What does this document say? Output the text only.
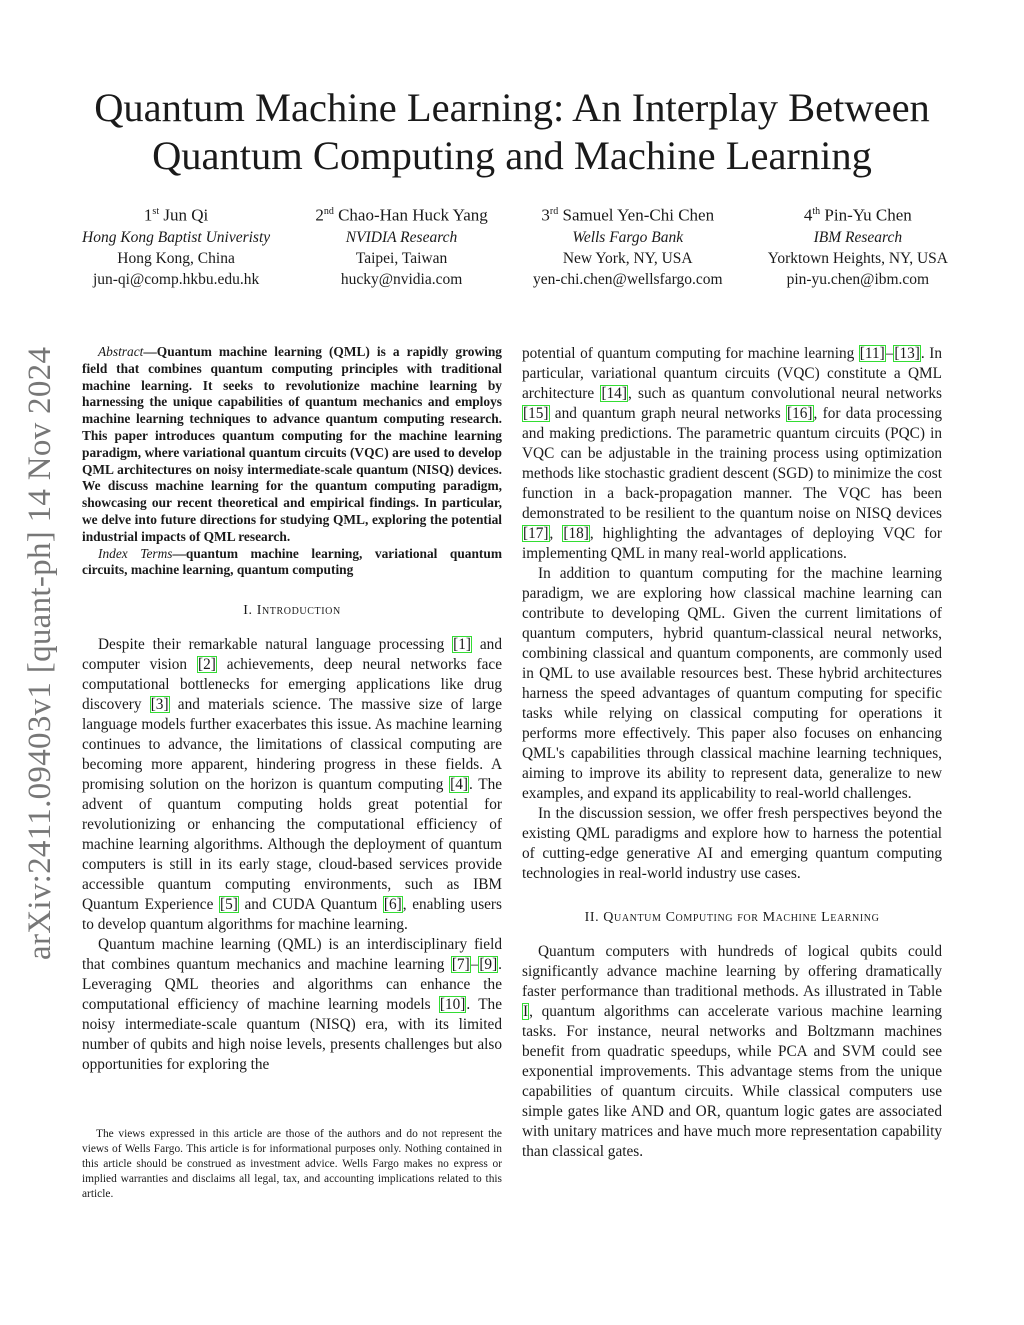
arXiv:2411.09403v1 [quant-ph] 14 Nov 2024
Quantum Machine Learning: An Interplay Between
Quantum Computing and Machine Learning
1st Jun Qi
Hong Kong Baptist Univeristy
Hong Kong, China
jun-qi@comp.hkbu.edu.hk
2nd Chao-Han Huck Yang
NVIDIA Research
Taipei, Taiwan
hucky@nvidia.com
3rd Samuel Yen-Chi Chen
Wells Fargo Bank
New York, NY, USA
yen-chi.chen@wellsfargo.com
4th Pin-Yu Chen
IBM Research
Yorktown Heights, NY, USA
pin-yu.chen@ibm.com

Abstract—Quantum machine learning (QML) is a rapidly growing field that combines quantum computing principles with traditional machine learning. It seeks to revolutionize machine learning by harnessing the unique capabilities of quantum mechanics and employs machine learning techniques to advance quantum computing research. This paper introduces quantum computing for the machine learning paradigm, where variational quantum circuits (VQC) are used to develop QML architectures on noisy intermediate-scale quantum (NISQ) devices. We discuss machine learning for the quantum computing paradigm, showcasing our recent theoretical and empirical findings. In particular, we delve into future directions for studying QML, exploring the potential industrial impacts of QML research.

Index Terms—quantum machine learning, variational quantum circuits, machine learning, quantum computing

I. Introduction

Despite their remarkable natural language processing [1] and computer vision [2] achievements, deep neural networks face computational bottlenecks for emerging applications like drug discovery [3] and materials science. The massive size of large language models further exacerbates this issue. As machine learning continues to advance, the limitations of classical computing are becoming more apparent, hindering progress in these fields. A promising solution on the horizon is quantum computing [4]. The advent of quantum computing holds great potential for revolutionizing or enhancing the computational efficiency of machine learning algorithms. Although the deployment of quantum computers is still in its early stage, cloud-based services provide accessible quantum computing environments, such as IBM Quantum Experience [5] and CUDA Quantum [6], enabling users to develop quantum algorithms for machine learning.

Quantum machine learning (QML) is an interdisciplinary field that combines quantum mechanics and machine learning [7]–[9]. Leveraging QML theories and algorithms can enhance the computational efficiency of machine learning models [10]. The noisy intermediate-scale quantum (NISQ) era, with its limited number of qubits and high noise levels, presents challenges but also opportunities for exploring the

The views expressed in this article are those of the authors and do not represent the views of Wells Fargo. This article is for informational purposes only. Nothing contained in this article should be construed as investment advice. Wells Fargo makes no express or implied warranties and disclaims all legal, tax, and accounting implications related to this article.

potential of quantum computing for machine learning [11]–[13]. In particular, variational quantum circuits (VQC) constitute a QML architecture [14], such as quantum convolutional neural networks [15] and quantum graph neural networks [16], for data processing and making predictions. The parametric quantum circuits (PQC) in VQC can be adjustable in the training process using optimization methods like stochastic gradient descent (SGD) to minimize the cost function in a back-propagation manner. The VQC has been demonstrated to be resilient to the quantum noise on NISQ devices [17], [18], highlighting the advantages of deploying VQC for implementing QML in many real-world applications.

In addition to quantum computing for the machine learning paradigm, we are exploring how classical machine learning can contribute to developing QML. Given the current limitations of quantum computers, hybrid quantum-classical neural networks, combining classical and quantum components, are commonly used in QML to use available resources best. These hybrid architectures harness the speed advantages of quantum computing for specific tasks while relying on classical computing for operations it performs more effectively. This paper also focuses on enhancing QML's capabilities through classical machine learning techniques, aiming to improve its ability to represent data, generalize to new examples, and expand its applicability to real-world challenges.

In the discussion session, we offer fresh perspectives beyond the existing QML paradigms and explore how to harness the potential of cutting-edge generative AI and emerging quantum computing technologies in real-world industry use cases.

II. Quantum Computing for Machine Learning

Quantum computers with hundreds of logical qubits could significantly advance machine learning by offering dramatically faster performance than traditional methods. As illustrated in Table I, quantum algorithms can accelerate various machine learning tasks. For instance, neural networks and Boltzmann machines benefit from quadratic speedups, while PCA and SVM could see exponential improvements. This advantage stems from the unique capabilities of quantum circuits. While classical computers use simple gates like AND and OR, quantum logic gates are associated with unitary matrices and have much more representation capability than classical gates.
